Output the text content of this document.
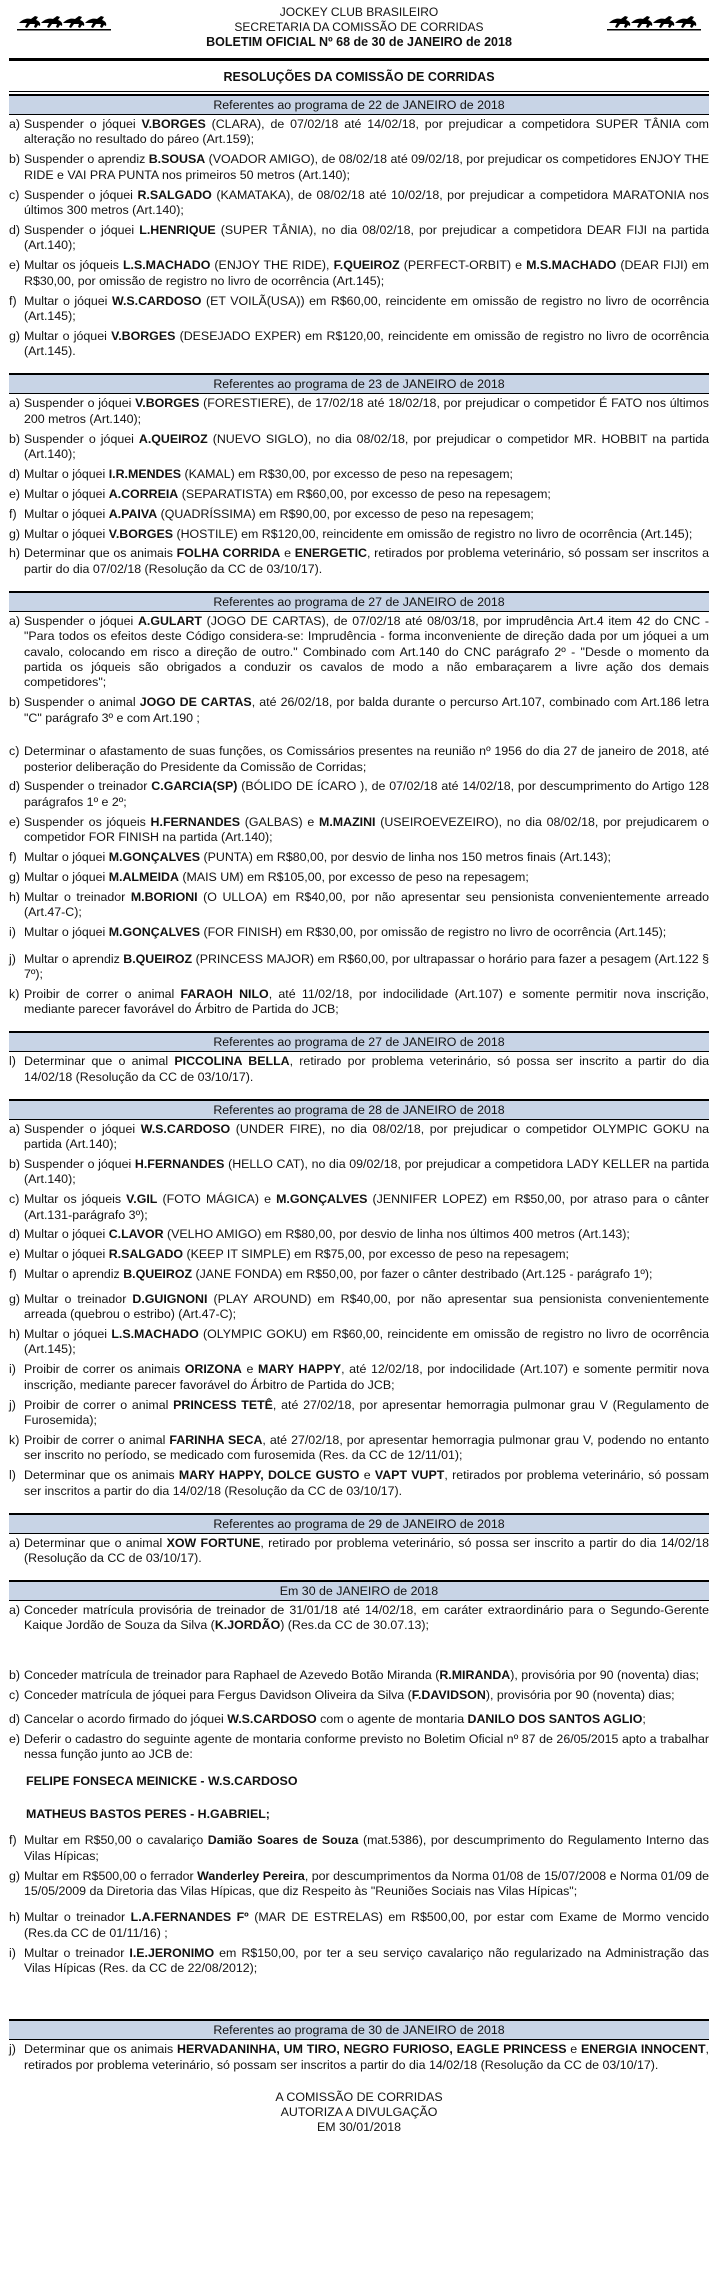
JOCKEY CLUB BRASILEIRO
SECRETARIA DA COMISSÃO DE CORRIDAS
BOLETIM OFICIAL Nº 68 de 30 de JANEIRO de 2018
RESOLUÇÕES DA COMISSÃO DE CORRIDAS
Referentes ao programa de 22 de JANEIRO de 2018
a) Suspender o jóquei V.BORGES (CLARA), de 07/02/18 até 14/02/18, por prejudicar a competidora SUPER TÂNIA com alteração no resultado do páreo (Art.159);
b) Suspender o aprendiz B.SOUSA (VOADOR AMIGO), de 08/02/18 até 09/02/18, por prejudicar os competidores ENJOY THE RIDE e VAI PRA PUNTA nos primeiros 50 metros (Art.140);
c) Suspender o jóquei R.SALGADO (KAMATAKA), de 08/02/18 até 10/02/18, por prejudicar a competidora MARATONIA nos últimos 300 metros (Art.140);
d) Suspender o jóquei L.HENRIQUE (SUPER TÂNIA), no dia 08/02/18, por prejudicar a competidora DEAR FIJI na partida (Art.140);
e) Multar os jóqueis L.S.MACHADO (ENJOY THE RIDE), F.QUEIROZ (PERFECT-ORBIT) e M.S.MACHADO (DEAR FIJI) em R$30,00, por omissão de registro no livro de ocorrência (Art.145);
f) Multar o jóquei W.S.CARDOSO (ET VOILÃ(USA)) em R$60,00, reincidente em omissão de registro no livro de ocorrência (Art.145);
g) Multar o jóquei V.BORGES (DESEJADO EXPER) em R$120,00, reincidente em omissão de registro no livro de ocorrência (Art.145).
Referentes ao programa de 23 de JANEIRO de 2018
a) Suspender o jóquei V.BORGES (FORESTIERE), de 17/02/18 até 18/02/18, por prejudicar o competidor É FATO nos últimos 200 metros (Art.140);
b) Suspender o jóquei A.QUEIROZ (NUEVO SIGLO), no dia 08/02/18, por prejudicar o competidor MR. HOBBIT na partida (Art.140);
d) Multar o jóquei I.R.MENDES (KAMAL) em R$30,00, por excesso de peso na repesagem;
e) Multar o jóquei A.CORREIA (SEPARATISTA) em R$60,00, por excesso de peso na repesagem;
f) Multar o jóquei A.PAIVA (QUADRÍSSIMA) em R$90,00, por excesso de peso na repesagem;
g) Multar o jóquei V.BORGES (HOSTILE) em R$120,00, reincidente em omissão de registro no livro de ocorrência (Art.145);
h) Determinar que os animais FOLHA CORRIDA e ENERGETIC, retirados por problema veterinário, só possam ser inscritos a partir do dia 07/02/18 (Resolução da CC de 03/10/17).
Referentes ao programa de 27 de JANEIRO de 2018
a) Suspender o jóquei A.GULART (JOGO DE CARTAS), de 07/02/18 até 08/03/18, por imprudência Art.4 item 42 do CNC - "Para todos os efeitos deste Código considera-se: Imprudência - forma inconveniente de direção dada por um jóquei a um cavalo, colocando em risco a direção de outro." Combinado com Art.140 do CNC parágrafo 2º - "Desde o momento da partida os jóqueis são obrigados a conduzir os cavalos de modo a não embaraçarem a livre ação dos demais competidores";
b) Suspender o animal JOGO DE CARTAS, até 26/02/18, por balda durante o percurso Art.107, combinado com Art.186 letra "C" parágrafo 3º e com Art.190 ;
c) Determinar o afastamento de suas funções, os Comissários presentes na reunião nº 1956 do dia 27 de janeiro de 2018, até posterior deliberação do Presidente da Comissão de Corridas;
d) Suspender o treinador C.GARCIA(SP) (BÓLIDO DE ÍCARO ), de 07/02/18 até 14/02/18, por descumprimento do Artigo 128 parágrafos 1º e 2º;
e) Suspender os jóqueis H.FERNANDES (GALBAS) e M.MAZINI (USEIROEVEZEIRO), no dia 08/02/18, por prejudicarem o competidor FOR FINISH na partida (Art.140);
f) Multar o jóquei M.GONÇALVES (PUNTA) em R$80,00, por desvio de linha nos 150 metros finais (Art.143);
g) Multar o jóquei M.ALMEIDA (MAIS UM) em R$105,00, por excesso de peso na repesagem;
h) Multar o treinador M.BORIONI (O ULLOA) em R$40,00, por não apresentar seu pensionista convenientemente arreado (Art.47-C);
i) Multar o jóquei M.GONÇALVES (FOR FINISH) em R$30,00, por omissão de registro no livro de ocorrência (Art.145);
j) Multar o aprendiz B.QUEIROZ (PRINCESS MAJOR) em R$60,00, por ultrapassar o horário para fazer a pesagem (Art.122 § 7º);
k) Proibir de correr o animal FARAOH NILO, até 11/02/18, por indocilidade (Art.107) e somente permitir nova inscrição, mediante parecer favorável do Árbitro de Partida do JCB;
Referentes ao programa de 27 de JANEIRO de 2018
l) Determinar que o animal PICCOLINA BELLA, retirado por problema veterinário, só possa ser inscrito a partir do dia 14/02/18 (Resolução da CC de 03/10/17).
Referentes ao programa de 28 de JANEIRO de 2018
a) Suspender o jóquei W.S.CARDOSO (UNDER FIRE), no dia 08/02/18, por prejudicar o competidor OLYMPIC GOKU na partida (Art.140);
b) Suspender o jóquei H.FERNANDES (HELLO CAT), no dia 09/02/18, por prejudicar a competidora LADY KELLER na partida (Art.140);
c) Multar os jóqueis V.GIL (FOTO MÁGICA) e M.GONÇALVES (JENNIFER LOPEZ) em R$50,00, por atraso para o cânter (Art.131-parágrafo 3º);
d) Multar o jóquei C.LAVOR (VELHO AMIGO) em R$80,00, por desvio de linha nos últimos 400 metros (Art.143);
e) Multar o jóquei R.SALGADO (KEEP IT SIMPLE) em R$75,00, por excesso de peso na repesagem;
f) Multar o aprendiz B.QUEIROZ (JANE FONDA) em R$50,00, por fazer o cânter destribado (Art.125 - parágrafo 1º);
g) Multar o treinador D.GUIGNONI (PLAY AROUND) em R$40,00, por não apresentar sua pensionista convenientemente arreada (quebrou o estribo) (Art.47-C);
h) Multar o jóquei L.S.MACHADO (OLYMPIC GOKU) em R$60,00, reincidente em omissão de registro no livro de ocorrência (Art.145);
i) Proibir de correr os animais ORIZONA e MARY HAPPY, até 12/02/18, por indocilidade (Art.107) e somente permitir nova inscrição, mediante parecer favorável do Árbitro de Partida do JCB;
j) Proibir de correr o animal PRINCESS TETÊ, até 27/02/18, por apresentar hemorragia pulmonar grau V (Regulamento de Furosemida);
k) Proibir de correr o animal FARINHA SECA, até 27/02/18, por apresentar hemorragia pulmonar grau V, podendo no entanto ser inscrito no período, se medicado com furosemida (Res. da CC de 12/11/01);
l) Determinar que os animais MARY HAPPY, DOLCE GUSTO e VAPT VUPT, retirados por problema veterinário, só possam ser inscritos a partir do dia 14/02/18 (Resolução da CC de 03/10/17).
Referentes ao programa de 29 de JANEIRO de 2018
a) Determinar que o animal XOW FORTUNE, retirado por problema veterinário, só possa ser inscrito a partir do dia 14/02/18 (Resolução da CC de 03/10/17).
Em 30 de JANEIRO de 2018
a) Conceder matrícula provisória de treinador de 31/01/18 até 14/02/18, em caráter extraordinário para o Segundo-Gerente Kaique Jordão de Souza da Silva (K.JORDÃO) (Res.da CC de 30.07.13);
b) Conceder matrícula de treinador para Raphael de Azevedo Botão Miranda (R.MIRANDA), provisória por 90 (noventa) dias;
c) Conceder matrícula de jóquei para Fergus Davidson Oliveira da Silva (F.DAVIDSON), provisória por 90 (noventa) dias;
d) Cancelar o acordo firmado do jóquei W.S.CARDOSO com o agente de montaria DANILO DOS SANTOS AGLIO;
e) Deferir o cadastro do seguinte agente de montaria conforme previsto no Boletim Oficial nº 87 de 26/05/2015 apto a trabalhar nessa função junto ao JCB de:
FELIPE FONSECA MEINICKE - W.S.CARDOSO
MATHEUS BASTOS PERES - H.GABRIEL;
f) Multar em R$50,00 o cavalariço Damião Soares de Souza (mat.5386), por descumprimento do Regulamento Interno das Vilas Hípicas;
g) Multar em R$500,00 o ferrador Wanderley Pereira, por descumprimentos da Norma 01/08 de 15/07/2008 e Norma 01/09 de 15/05/2009 da Diretoria das Vilas Hípicas, que diz Respeito às "Reuniões Sociais nas Vilas Hípicas";
h) Multar o treinador L.A.FERNANDES Fº (MAR DE ESTRELAS) em R$500,00, por estar com Exame de Mormo vencido (Res.da CC de 01/11/16) ;
i) Multar o treinador I.E.JERONIMO em R$150,00, por ter a seu serviço cavalariço não regularizado na Administração das Vilas Hípicas (Res. da CC de 22/08/2012);
Referentes ao programa de 30 de JANEIRO de 2018
j) Determinar que os animais HERVADANINHA, UM TIRO, NEGRO FURIOSO, EAGLE PRINCESS e ENERGIA INNOCENT, retirados por problema veterinário, só possam ser inscritos a partir do dia 14/02/18 (Resolução da CC de 03/10/17).
A COMISSÃO DE CORRIDAS
AUTORIZA A DIVULGAÇÃO
EM 30/01/2018
